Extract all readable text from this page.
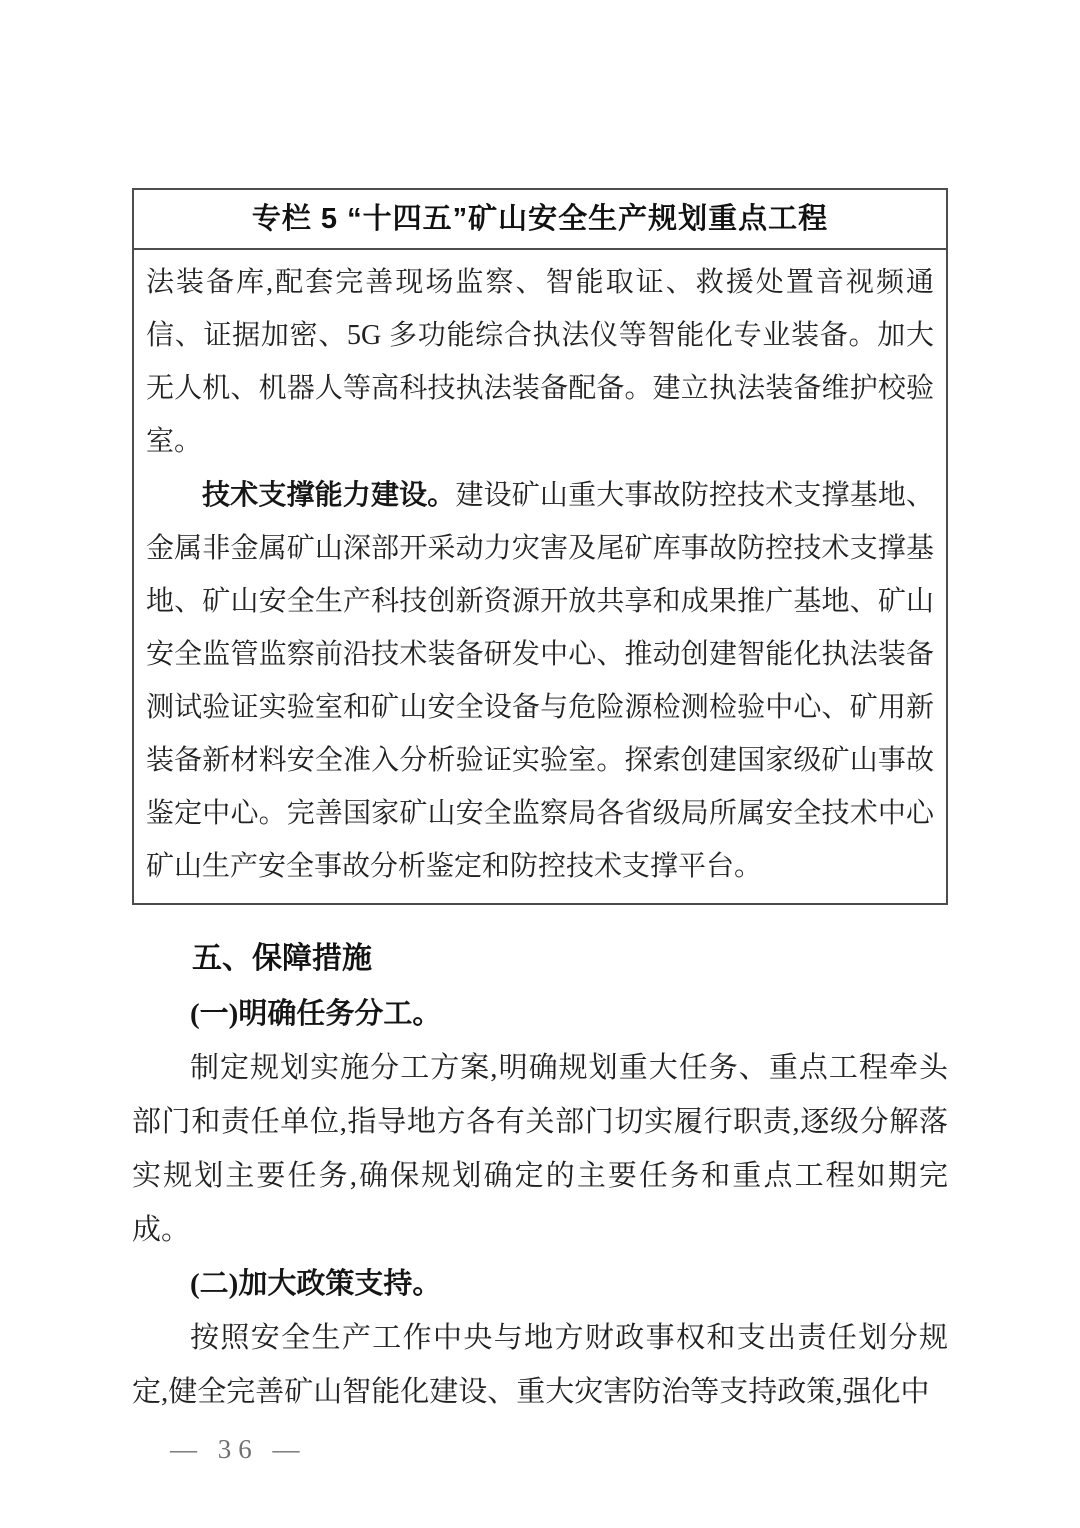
专栏 5 “十四五”矿山安全生产规划重点工程

法装备库,配套完善现场监察、智能取证、救援处置音视频通信、证据加密、5G 多功能综合执法仪等智能化专业装备。加大无人机、机器人等高科技执法装备配备。建立执法装备维护校验室。

技术支撑能力建设。建设矿山重大事故防控技术支撑基地、金属非金属矿山深部开采动力灾害及尾矿库事故防控技术支撑基地、矿山安全生产科技创新资源开放共享和成果推广基地、矿山安全监管监察前沿技术装备研发中心、推动创建智能化执法装备测试验证实验室和矿山安全设备与危险源检测检验中心、矿用新装备新材料安全准入分析验证实验室。探索创建国家级矿山事故鉴定中心。完善国家矿山安全监察局各省级局所属安全技术中心矿山生产安全事故分析鉴定和防控技术支撑平台。

五、保障措施
(一)明确任务分工。

制定规划实施分工方案,明确规划重大任务、重点工程牵头部门和责任单位,指导地方各有关部门切实履行职责,逐级分解落实规划主要任务,确保规划确定的主要任务和重点工程如期完成。

(二)加大政策支持。

按照安全生产工作中央与地方财政事权和支出责任划分规定,健全完善矿山智能化建设、重大灾害防治等支持政策,强化中

— 36 —
